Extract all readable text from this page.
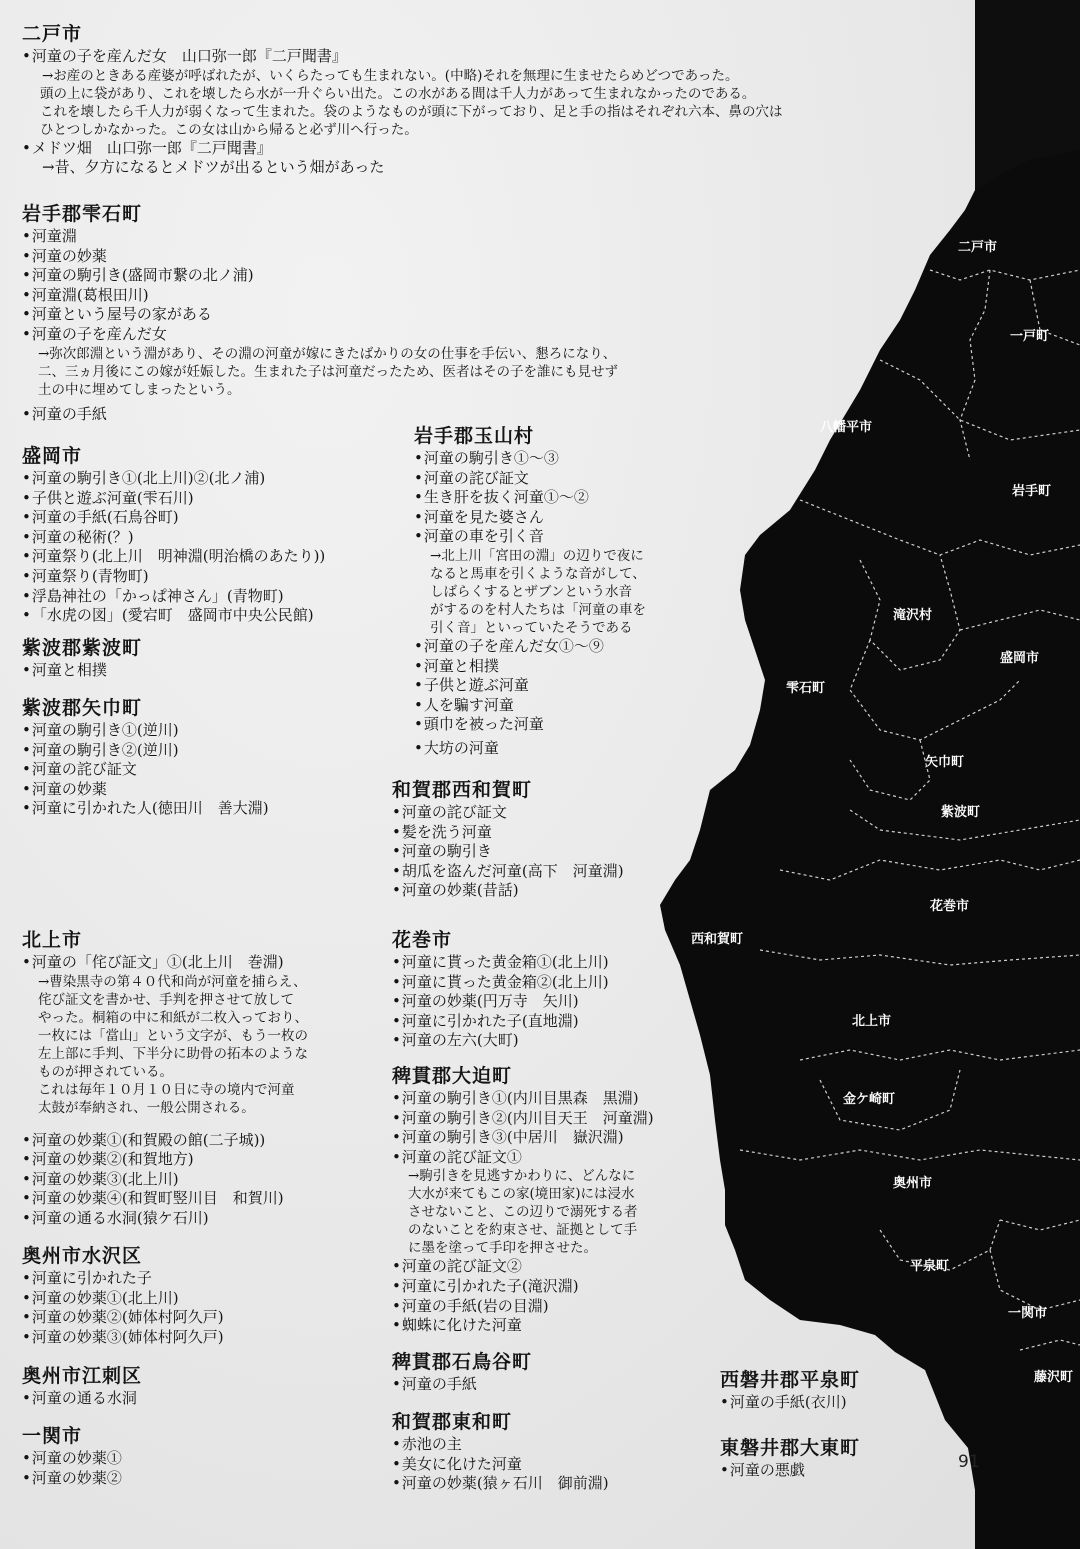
二戸市
一戸町
八幡平市
岩手町
滝沢村
盛岡市
雫石町
矢巾町
紫波町
花巻市
西和賀町
北上市
金ケ崎町
奥州市
平泉町
一関市
藤沢町
二戸市
• 河童の子を産んだ女　山口弥一郎『二戸聞書』
→お産のときある産婆が呼ばれたが、いくらたっても生まれない。(中略)それを無理に生ませたらめどつであった。
頭の上に袋があり、これを壊したら水が一升ぐらい出た。この水がある間は千人力があって生まれなかったのである。
これを壊したら千人力が弱くなって生まれた。袋のようなものが頭に下がっており、足と手の指はそれぞれ六本、鼻の穴は
ひとつしかなかった。この女は山から帰ると必ず川へ行った。
• メドツ畑　山口弥一郎『二戸聞書』
→昔、夕方になるとメドツが出るという畑があった
岩手郡雫石町
• 河童淵
• 河童の妙薬
• 河童の駒引き(盛岡市繋の北ノ浦)
• 河童淵(葛根田川)
• 河童という屋号の家がある
• 河童の子を産んだ女
→弥次郎淵という淵があり、その淵の河童が嫁にきたばかりの女の仕事を手伝い、懇ろになり、
二、三ヵ月後にこの嫁が妊娠した。生まれた子は河童だったため、医者はその子を誰にも見せず
土の中に埋めてしまったという。
• 河童の手紙
盛岡市
• 河童の駒引き①(北上川)②(北ノ浦)
• 子供と遊ぶ河童(雫石川)
• 河童の手紙(石鳥谷町)
• 河童の秘術(？)
• 河童祭り(北上川　明神淵(明治橋のあたり))
• 河童祭り(青物町)
• 浮島神社の「かっぱ神さん」(青物町)
• 「水虎の図」(愛宕町　盛岡市中央公民館)
紫波郡紫波町
• 河童と相撲
紫波郡矢巾町
• 河童の駒引き①(逆川)
• 河童の駒引き②(逆川)
• 河童の詫び証文
• 河童の妙薬
• 河童に引かれた人(徳田川　善大淵)
北上市
• 河童の「侘び証文」①(北上川　巻淵)
→曹染黒寺の第４０代和尚が河童を捕らえ、
侘び証文を書かせ、手判を押させて放して
やった。桐箱の中に和紙が二枚入っており、
一枚には「當山」という文字が、もう一枚の
左上部に手判、下半分に助骨の拓本のような
ものが押されている。
これは毎年１０月１０日に寺の境内で河童
太鼓が奉納され、一般公開される。
• 河童の妙薬①(和賀殿の館(二子城))
• 河童の妙薬②(和賀地方)
• 河童の妙薬③(北上川)
• 河童の妙薬④(和賀町竪川目　和賀川)
• 河童の通る水洞(猿ケ石川)
奥州市水沢区
• 河童に引かれた子
• 河童の妙薬①(北上川)
• 河童の妙薬②(姉体村阿久戸)
• 河童の妙薬③(姉体村阿久戸)
奥州市江刺区
• 河童の通る水洞
一関市
• 河童の妙薬①
• 河童の妙薬②
岩手郡玉山村
• 河童の駒引き①～③
• 河童の詫び証文
• 生き肝を抜く河童①～②
• 河童を見た婆さん
• 河童の車を引く音
→北上川「宮田の淵」の辺りで夜に
なると馬車を引くような音がして、
しばらくするとザブンという水音
がするのを村人たちは「河童の車を
引く音」といっていたそうである
• 河童の子を産んだ女①～⑨
• 河童と相撲
• 子供と遊ぶ河童
• 人を騙す河童
• 頭巾を被った河童
• 大坊の河童
和賀郡西和賀町
• 河童の詫び証文
• 髪を洗う河童
• 河童の駒引き
• 胡瓜を盗んだ河童(高下　河童淵)
• 河童の妙薬(昔話)
花巻市
• 河童に貰った黄金箱①(北上川)
• 河童に貰った黄金箱②(北上川)
• 河童の妙薬(円万寺　矢川)
• 河童に引かれた子(直地淵)
• 河童の左六(大町)
稗貫郡大迫町
• 河童の駒引き①(内川目黒森　黒淵)
• 河童の駒引き②(内川目天王　河童淵)
• 河童の駒引き③(中居川　嶽沢淵)
• 河童の詫び証文①
→駒引きを見逃すかわりに、どんなに
大水が来てもこの家(境田家)には浸水
させないこと、この辺りで溺死する者
のないことを約束させ、証拠として手
に墨を塗って手印を押させた。
• 河童の詫び証文②
• 河童に引かれた子(滝沢淵)
• 河童の手紙(岩の目淵)
• 蜘蛛に化けた河童
稗貫郡石鳥谷町
• 河童の手紙
和賀郡東和町
• 赤池の主
• 美女に化けた河童
• 河童の妙薬(猿ヶ石川　御前淵)
西磐井郡平泉町
• 河童の手紙(衣川)
東磐井郡大東町
• 河童の悪戯	91
